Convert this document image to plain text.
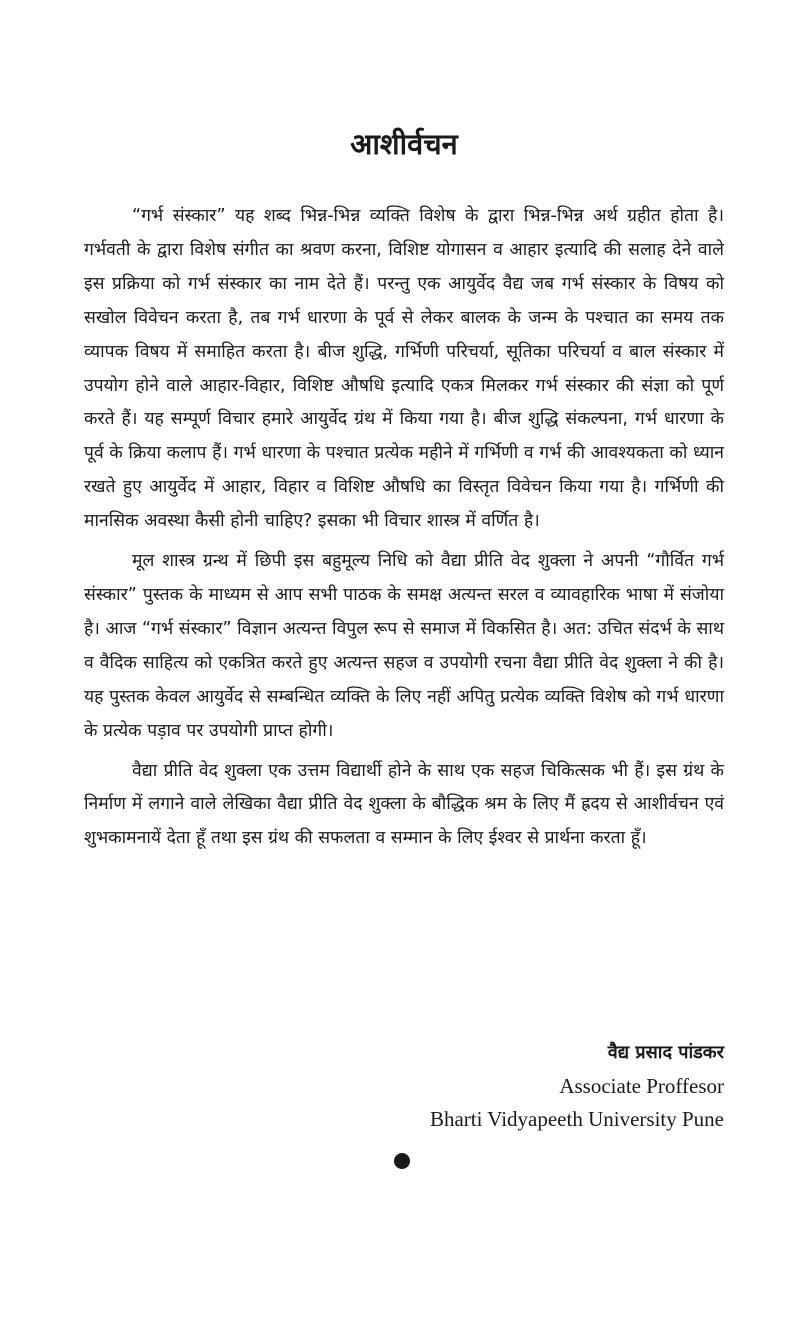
आशीर्वचन

“गर्भ संस्कार” यह शब्द भिन्न-भिन्न व्यक्ति विशेष के द्वारा भिन्न-भिन्न अर्थ ग्रहीत होता है। गर्भवती के द्वारा विशेष संगीत का श्रवण करना, विशिष्ट योगासन व आहार इत्यादि की सलाह देने वाले इस प्रक्रिया को गर्भ संस्कार का नाम देते हैं। परन्तु एक आयुर्वेद वैद्य जब गर्भ संस्कार के विषय को सखोल विवेचन करता है, तब गर्भ धारणा के पूर्व से लेकर बालक के जन्म के पश्चात का समय तक व्यापक विषय में समाहित करता है। बीज शुद्धि, गर्भिणी परिचर्या, सूतिका परिचर्या व बाल संस्कार में उपयोग होने वाले आहार-विहार, विशिष्ट औषधि इत्यादि एकत्र मिलकर गर्भ संस्कार की संज्ञा को पूर्ण करते हैं। यह सम्पूर्ण विचार हमारे आयुर्वेद ग्रंथ में किया गया है। बीज शुद्धि संकल्पना, गर्भ धारणा के पूर्व के क्रिया कलाप हैं। गर्भ धारणा के पश्चात प्रत्येक महीने में गर्भिणी व गर्भ की आवश्यकता को ध्यान रखते हुए आयुर्वेद में आहार, विहार व विशिष्ट औषधि का विस्तृत विवेचन किया गया है। गर्भिणी की मानसिक अवस्था कैसी होनी चाहिए? इसका भी विचार शास्त्र में वर्णित है।

मूल शास्त्र ग्रन्थ में छिपी इस बहुमूल्य निधि को वैद्या प्रीति वेद शुक्ला ने अपनी “गौर्वित गर्भ संस्कार” पुस्तक के माध्यम से आप सभी पाठक के समक्ष अत्यन्त सरल व व्यावहारिक भाषा में संजोया है। आज “गर्भ संस्कार” विज्ञान अत्यन्त विपुल रूप से समाज में विकसित है। अत: उचित संदर्भ के साथ व वैदिक साहित्य को एकत्रित करते हुए अत्यन्त सहज व उपयोगी रचना वैद्या प्रीति वेद शुक्ला ने की है। यह पुस्तक केवल आयुर्वेद से सम्बन्धित व्यक्ति के लिए नहीं अपितु प्रत्येक व्यक्ति विशेष को गर्भ धारणा के प्रत्येक पड़ाव पर उपयोगी प्राप्त होगी।

वैद्या प्रीति वेद शुक्ला एक उत्तम विद्यार्थी होने के साथ एक सहज चिकित्सक भी हैं। इस ग्रंथ के निर्माण में लगाने वाले लेखिका वैद्या प्रीति वेद शुक्ला के बौद्धिक श्रम के लिए मैं ह्रदय से आशीर्वचन एवं शुभकामनायें देता हूँ तथा इस ग्रंथ की सफलता व सम्मान के लिए ईश्वर से प्रार्थना करता हूँ।

वैद्य प्रसाद पांडकर
Associate Proffesor
Bharti Vidyapeeth University Pune
